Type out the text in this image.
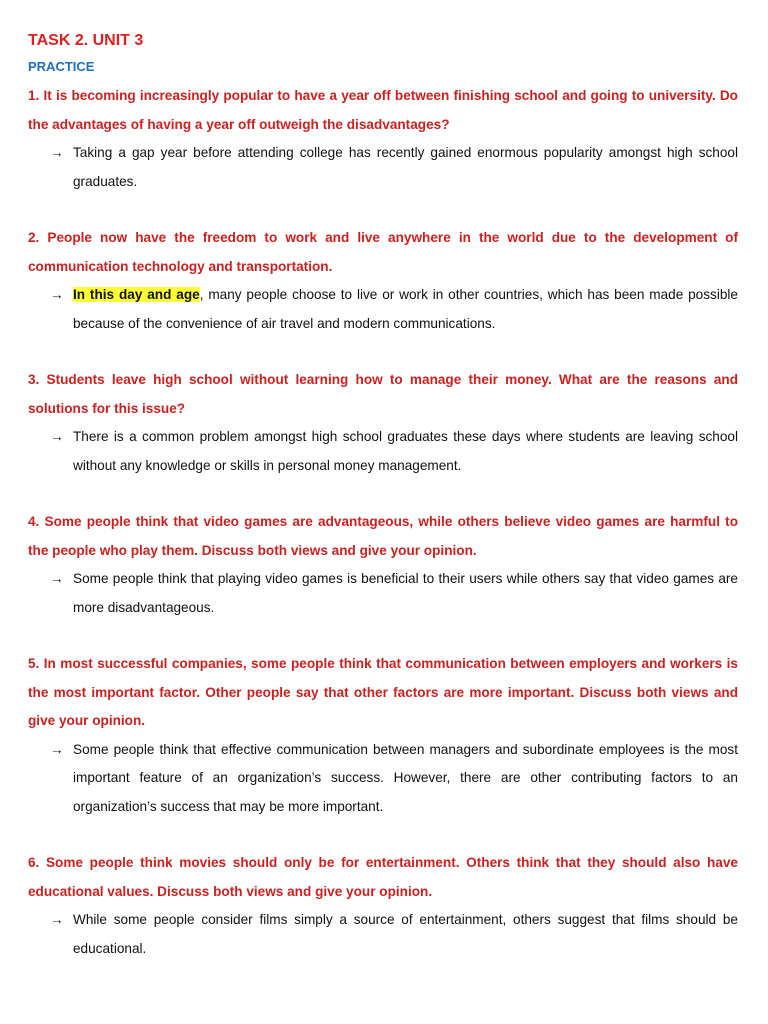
TASK 2. UNIT 3
PRACTICE

1. It is becoming increasingly popular to have a year off between finishing school and going to university. Do the advantages of having a year off outweigh the disadvantages?

→ Taking a gap year before attending college has recently gained enormous popularity amongst high school graduates.

2. People now have the freedom to work and live anywhere in the world due to the development of communication technology and transportation.

→ In this day and age, many people choose to live or work in other countries, which has been made possible because of the convenience of air travel and modern communications.

3. Students leave high school without learning how to manage their money. What are the reasons and solutions for this issue?

→ There is a common problem amongst high school graduates these days where students are leaving school without any knowledge or skills in personal money management.

4. Some people think that video games are advantageous, while others believe video games are harmful to the people who play them. Discuss both views and give your opinion.

→ Some people think that playing video games is beneficial to their users while others say that video games are more disadvantageous.

5. In most successful companies, some people think that communication between employers and workers is the most important factor. Other people say that other factors are more important. Discuss both views and give your opinion.

→ Some people think that effective communication between managers and subordinate employees is the most important feature of an organization’s success. However, there are other contributing factors to an organization’s success that may be more important.

6. Some people think movies should only be for entertainment. Others think that they should also have educational values. Discuss both views and give your opinion.

→ While some people consider films simply a source of entertainment, others suggest that films should be educational.
